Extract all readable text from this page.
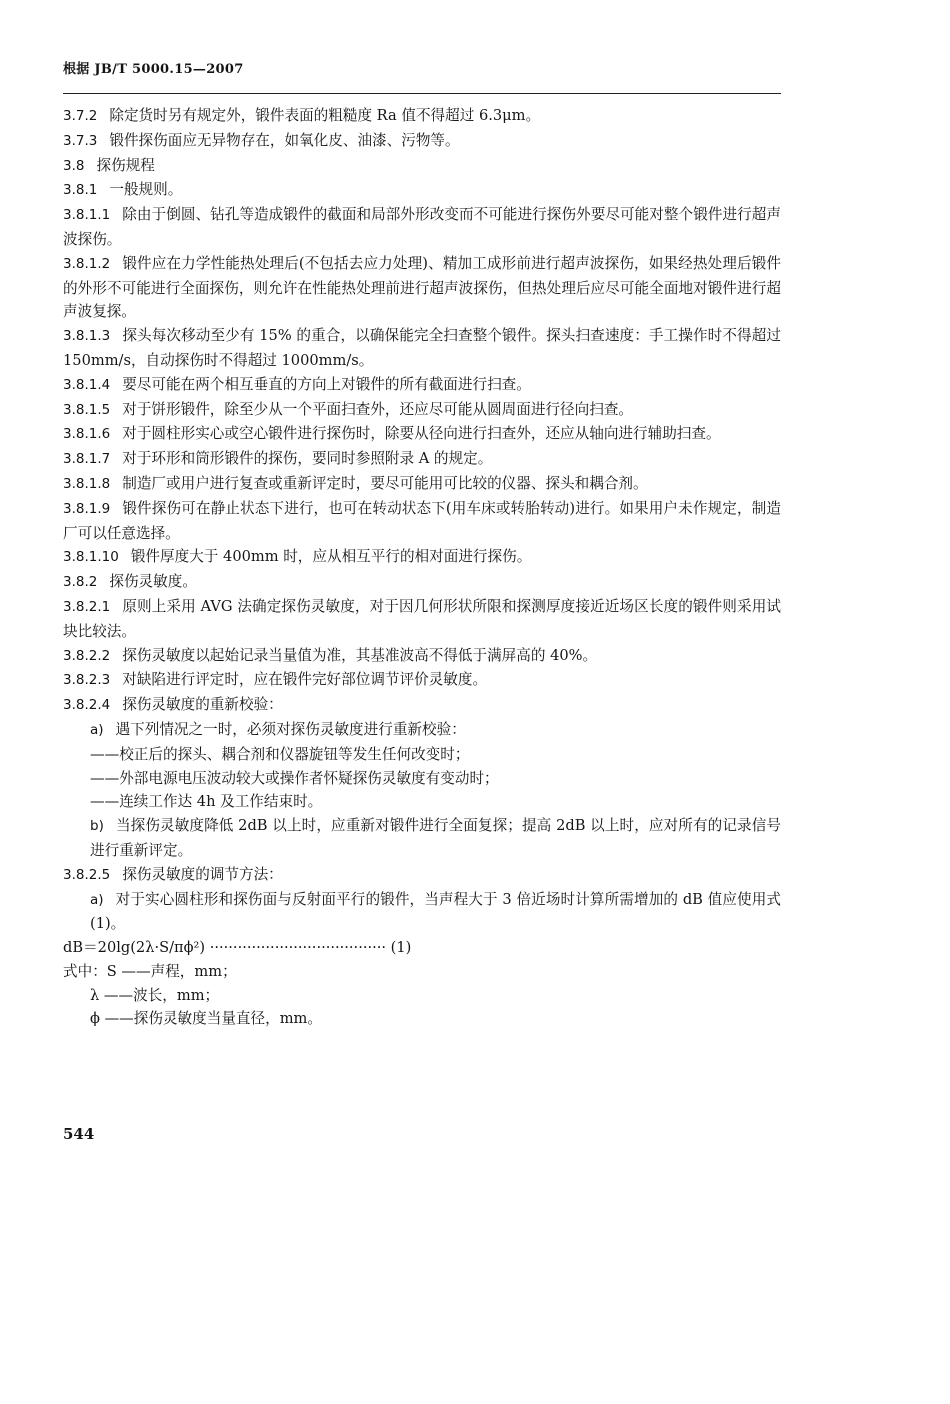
根据 JB/T 5000.15—2007

3.7.2 除定货时另有规定外，锻件表面的粗糙度 Ra 值不得超过 6.3μm。

3.7.3 锻件探伤面应无异物存在，如氧化皮、油漆、污物等。

3.8 探伤规程

3.8.1 一般规则。

3.8.1.1 除由于倒圆、钻孔等造成锻件的截面和局部外形改变而不可能进行探伤外要尽可能对整个锻件进行超声波探伤。

3.8.1.2 锻件应在力学性能热处理后(不包括去应力处理)、精加工成形前进行超声波探伤，如果经热处理后锻件的外形不可能进行全面探伤，则允许在性能热处理前进行超声波探伤，但热处理后应尽可能全面地对锻件进行超声波复探。

3.8.1.3 探头每次移动至少有 15% 的重合，以确保能完全扫查整个锻件。探头扫查速度：手工操作时不得超过 150mm/s，自动探伤时不得超过 1000mm/s。

3.8.1.4 要尽可能在两个相互垂直的方向上对锻件的所有截面进行扫查。

3.8.1.5 对于饼形锻件，除至少从一个平面扫查外，还应尽可能从圆周面进行径向扫查。

3.8.1.6 对于圆柱形实心或空心锻件进行探伤时，除要从径向进行扫查外，还应从轴向进行辅助扫查。

3.8.1.7 对于环形和筒形锻件的探伤，要同时参照附录 A 的规定。

3.8.1.8 制造厂或用户进行复查或重新评定时，要尽可能用可比较的仪器、探头和耦合剂。

3.8.1.9 锻件探伤可在静止状态下进行，也可在转动状态下(用车床或转胎转动)进行。如果用户未作规定，制造厂可以任意选择。

3.8.1.10 锻件厚度大于 400mm 时，应从相互平行的相对面进行探伤。

3.8.2 探伤灵敏度。

3.8.2.1 原则上采用 AVG 法确定探伤灵敏度，对于因几何形状所限和探测厚度接近近场区长度的锻件则采用试块比较法。

3.8.2.2 探伤灵敏度以起始记录当量值为准，其基准波高不得低于满屏高的 40%。

3.8.2.3 对缺陷进行评定时，应在锻件完好部位调节评价灵敏度。

3.8.2.4 探伤灵敏度的重新校验：

a) 遇下列情况之一时，必须对探伤灵敏度进行重新校验：

——校正后的探头、耦合剂和仪器旋钮等发生任何改变时；

——外部电源电压波动较大或操作者怀疑探伤灵敏度有变动时；

——连续工作达 4h 及工作结束时。

b) 当探伤灵敏度降低 2dB 以上时，应重新对锻件进行全面复探；提高 2dB 以上时，应对所有的记录信号进行重新评定。

3.8.2.5 探伤灵敏度的调节方法：

a) 对于实心圆柱形和探伤面与反射面平行的锻件，当声程大于 3 倍近场时计算所需增加的 dB 值应使用式(1)。

dB＝20lg(2λ·S/πϕ²) ······································ (1)

式中：S ——声程，mm；

λ ——波长，mm；

ϕ ——探伤灵敏度当量直径，mm。

544
